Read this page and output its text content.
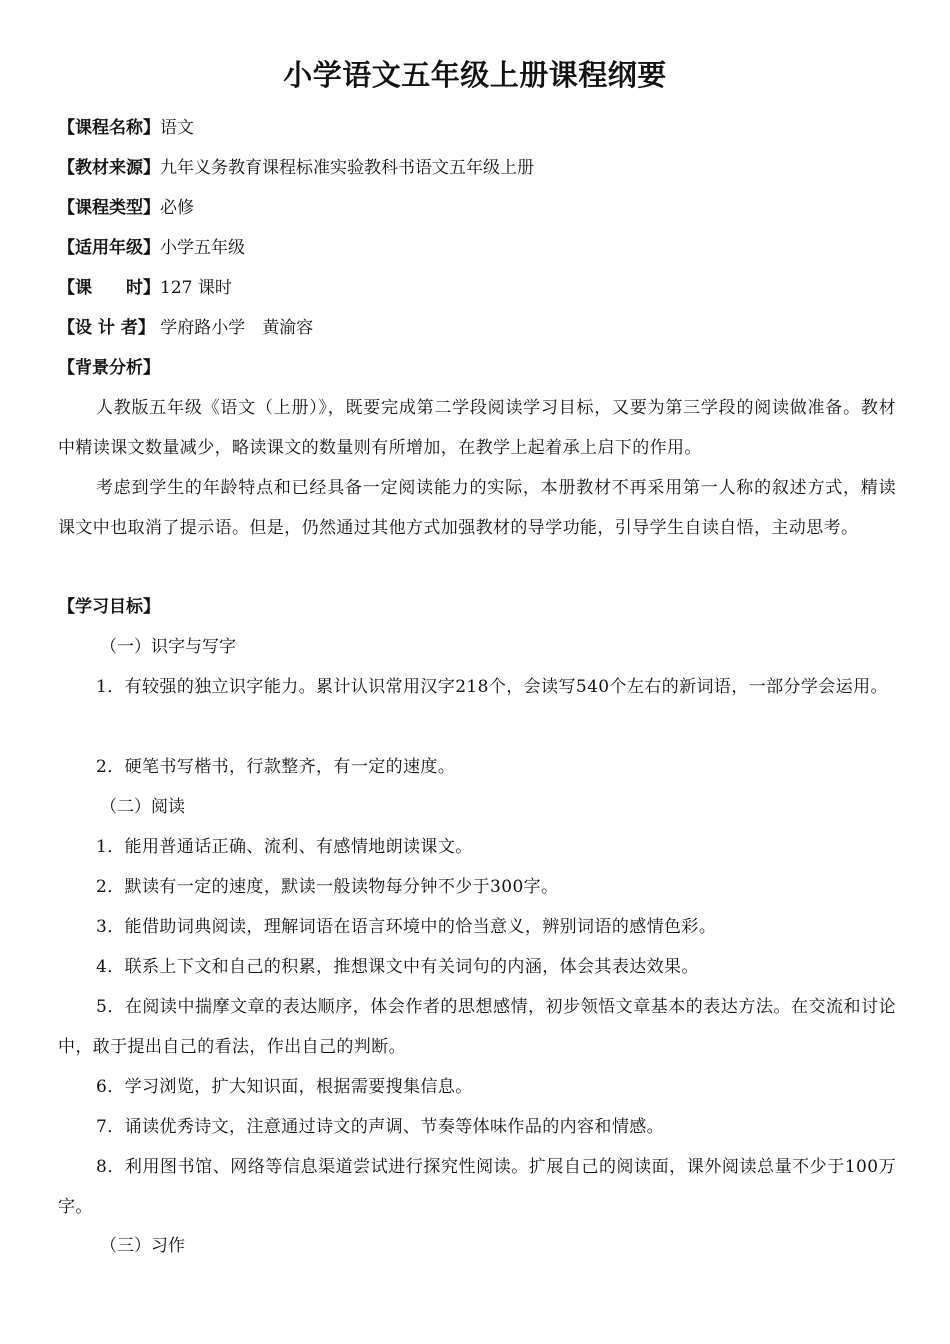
小学语文五年级上册课程纲要
【课程名称】语文
【教材来源】九年义务教育课程标准实验教科书语文五年级上册
【课程类型】必修
【适用年级】小学五年级
【课　　时】127 课时
【设 计 者】 学府路小学　黄渝容
【背景分析】
人教版五年级《语文（上册）》，既要完成第二学段阅读学习目标，又要为第三学段的阅读做准备。教材中精读课文数量减少，略读课文的数量则有所增加，在教学上起着承上启下的作用。
考虑到学生的年龄特点和已经具备一定阅读能力的实际，本册教材不再采用第一人称的叙述方式，精读课文中也取消了提示语。但是，仍然通过其他方式加强教材的导学功能，引导学生自读自悟，主动思考。
【学习目标】
（一）识字与写字
1．有较强的独立识字能力。累计认识常用汉字218个，会读写540个左右的新词语，一部分学会运用。
2．硬笔书写楷书，行款整齐，有一定的速度。
（二）阅读
1．能用普通话正确、流利、有感情地朗读课文。
2．默读有一定的速度，默读一般读物每分钟不少于300字。
3．能借助词典阅读，理解词语在语言环境中的恰当意义，辨别词语的感情色彩。
4．联系上下文和自己的积累，推想课文中有关词句的内涵，体会其表达效果。
5．在阅读中揣摩文章的表达顺序，体会作者的思想感情，初步领悟文章基本的表达方法。在交流和讨论中，敢于提出自己的看法，作出自己的判断。
6．学习浏览，扩大知识面，根据需要搜集信息。
7．诵读优秀诗文，注意通过诗文的声调、节奏等体味作品的内容和情感。
8．利用图书馆、网络等信息渠道尝试进行探究性阅读。扩展自己的阅读面，课外阅读总量不少于100万字。
（三）习作
